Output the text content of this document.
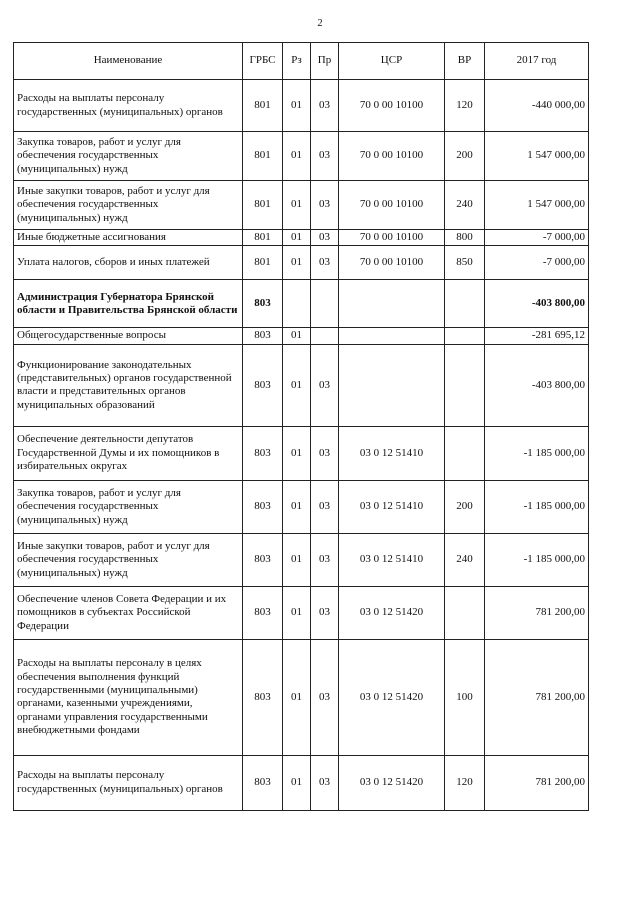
2
Наименование	ГРБС	Рз	Пр	ЦСР	ВР	2017 год
Расходы на выплаты персоналу государственных (муниципальных) органов	801	01	03	70 0 00 10100	120	-440 000,00
Закупка товаров, работ и услуг для обеспечения государственных (муниципальных) нужд	801	01	03	70 0 00 10100	200	1 547 000,00
Иные закупки товаров, работ и услуг для обеспечения государственных (муниципальных) нужд	801	01	03	70 0 00 10100	240	1 547 000,00
Иные бюджетные ассигнования	801	01	03	70 0 00 10100	800	-7 000,00
Уплата налогов, сборов и иных платежей	801	01	03	70 0 00 10100	850	-7 000,00
Администрация Губернатора Брянской области и Правительства Брянской области	803					-403 800,00
Общегосударственные вопросы	803	01				-281 695,12
Функционирование законодательных (представительных) органов государственной власти и представительных органов муниципальных образований	803	01	03			-403 800,00
Обеспечение деятельности депутатов Государственной Думы и их помощников в избирательных округах	803	01	03	03 0 12 51410		-1 185 000,00
Закупка товаров, работ и услуг для обеспечения государственных (муниципальных) нужд	803	01	03	03 0 12 51410	200	-1 185 000,00
Иные закупки товаров, работ и услуг для обеспечения государственных (муниципальных) нужд	803	01	03	03 0 12 51410	240	-1 185 000,00
Обеспечение членов Совета Федерации и их помощников в субъектах Российской Федерации	803	01	03	03 0 12 51420		781 200,00
Расходы на выплаты персоналу в целях обеспечения выполнения функций государственными (муниципальными) органами, казенными учреждениями, органами управления государственными внебюджетными фондами	803	01	03	03 0 12 51420	100	781 200,00
Расходы на выплаты персоналу государственных (муниципальных) органов	803	01	03	03 0 12 51420	120	781 200,00
